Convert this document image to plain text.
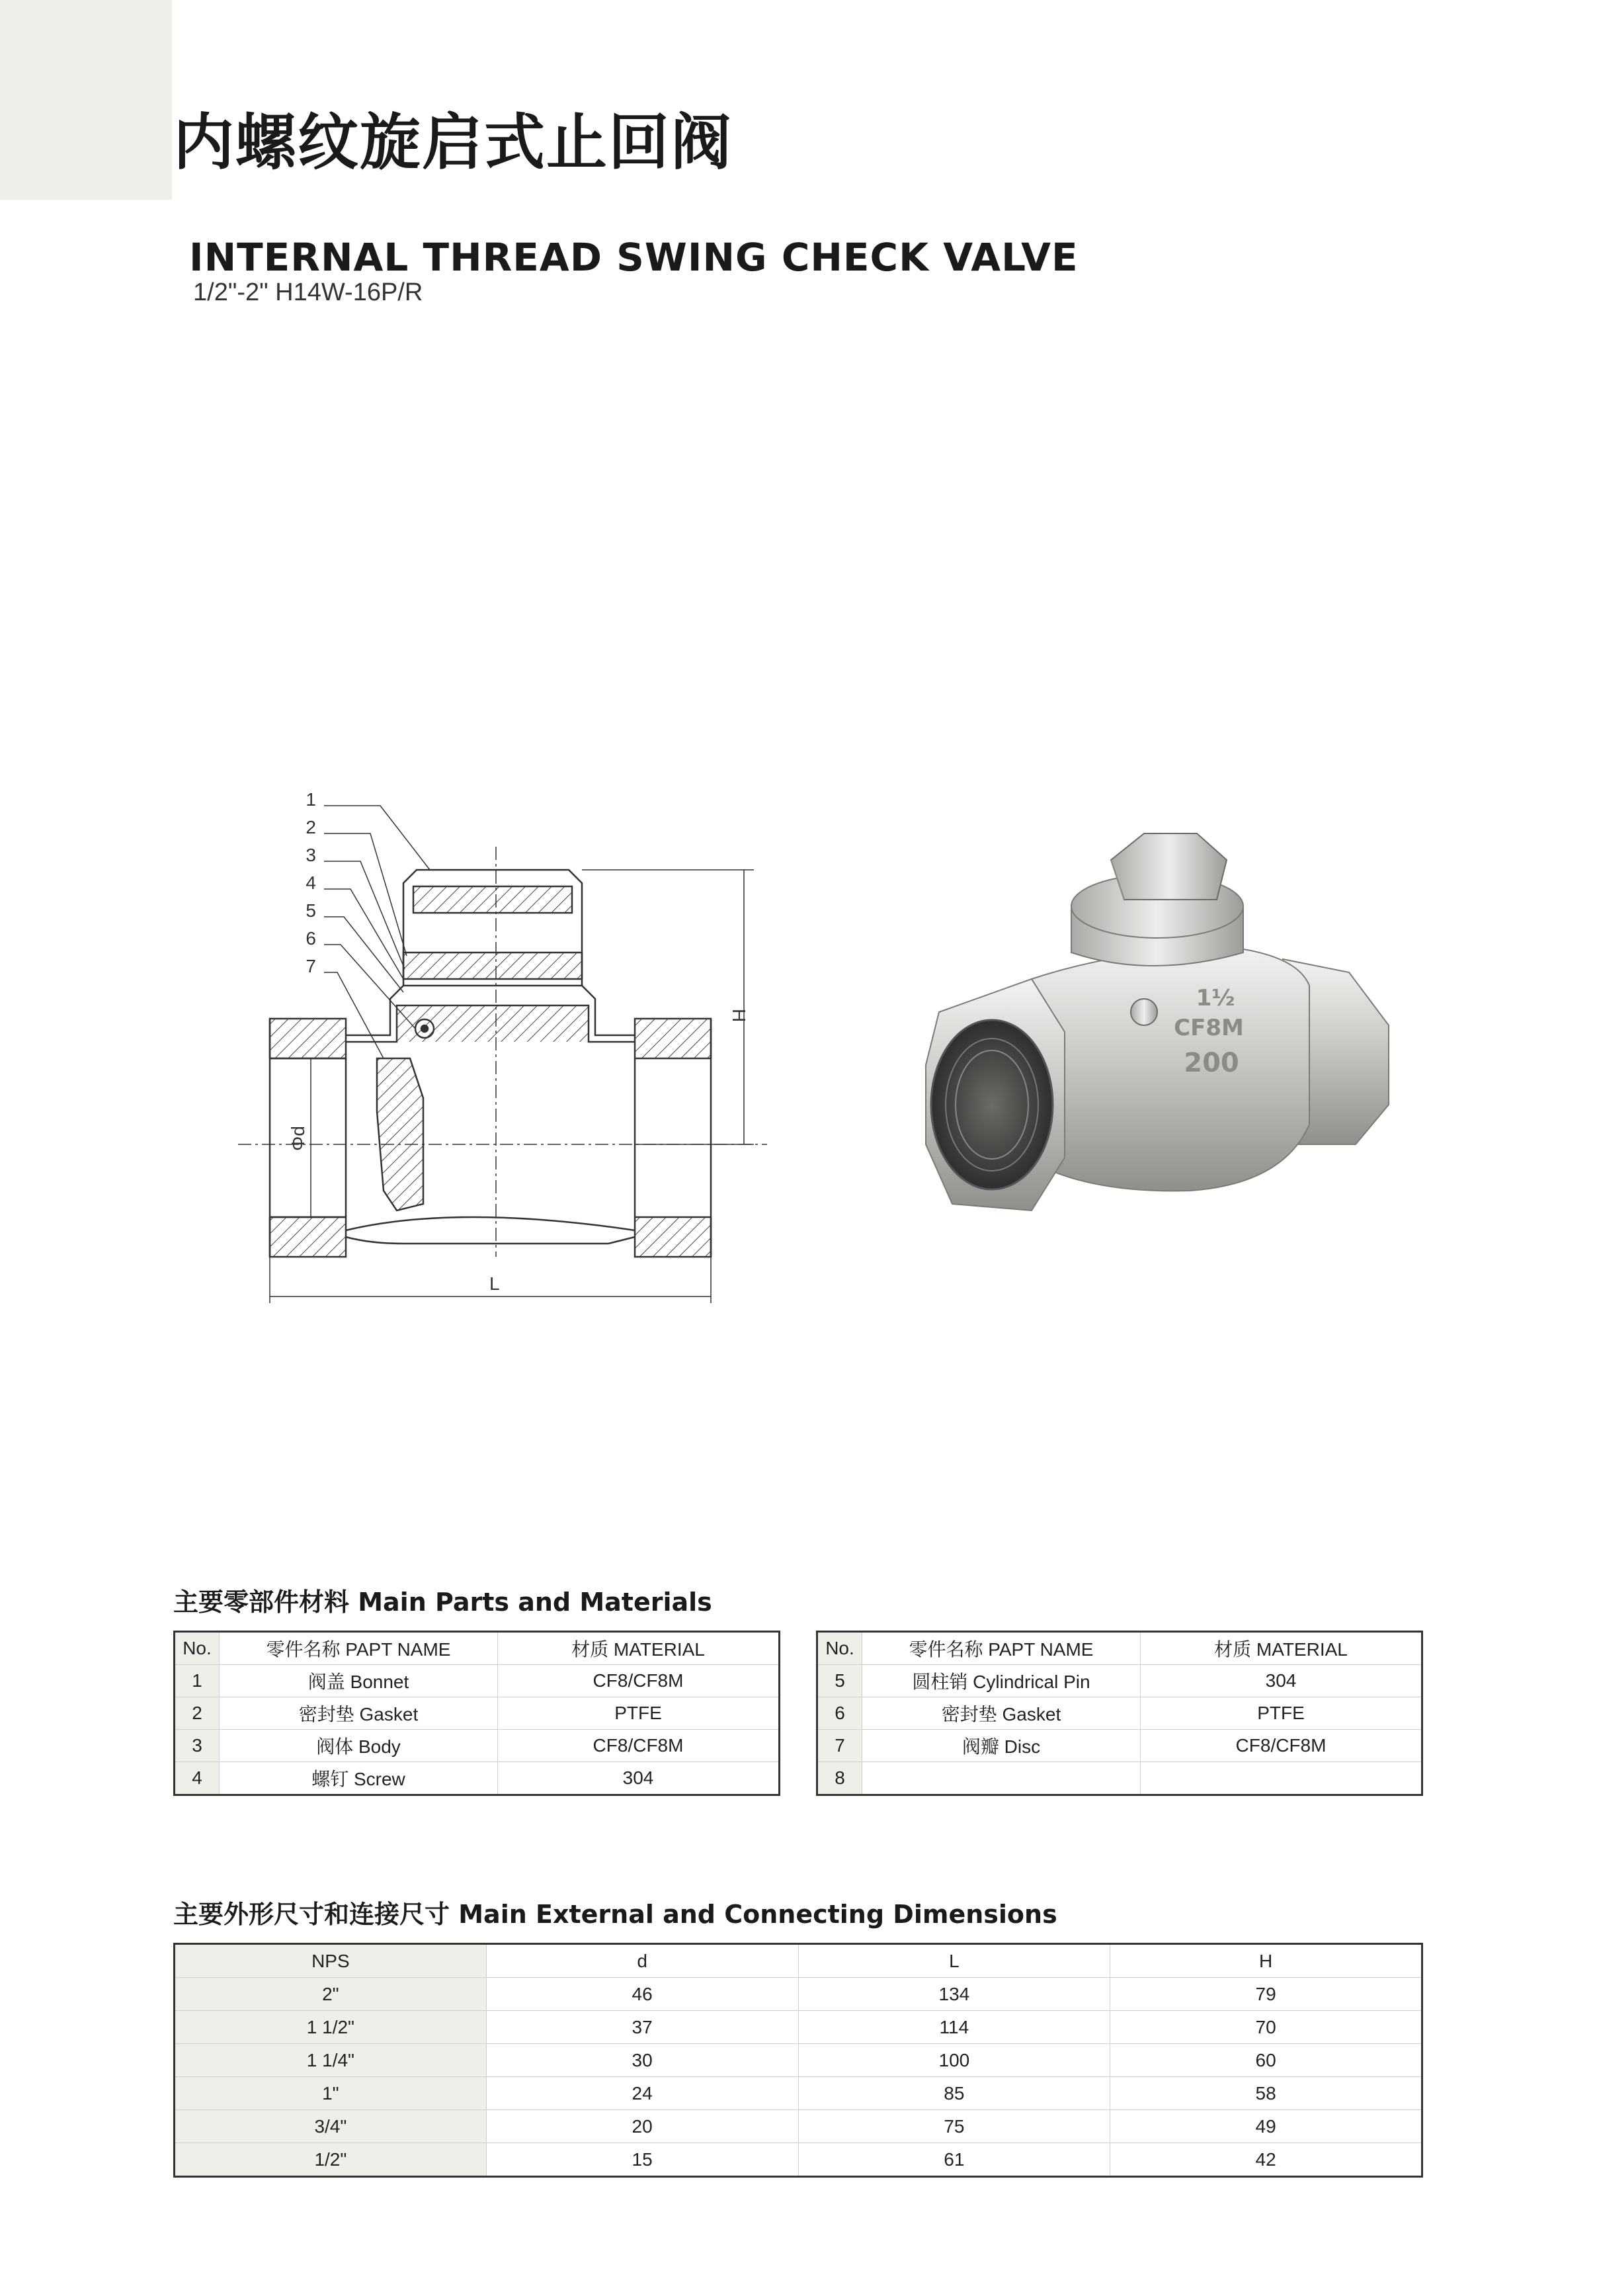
内螺纹旋启式止回阀
INTERNAL THREAD SWING CHECK VALVE
1/2"-2" H14W-16P/R
1
2
3
4
5
6
7
H
Φd
L
1½
CF8M
200
主要零部件材料 Main Parts and Materials
No.	零件名称 PAPT NAME	材质 MATERIAL
1	阀盖 Bonnet	CF8/CF8M
2	密封垫 Gasket	PTFE
3	阀体 Body	CF8/CF8M
4	螺钉 Screw	304
No.	零件名称 PAPT NAME	材质 MATERIAL
5	圆柱销 Cylindrical Pin	304
6	密封垫 Gasket	PTFE
7	阀瓣 Disc	CF8/CF8M
8		
主要外形尺寸和连接尺寸 Main External and Connecting Dimensions
NPS	d	L	H
2"	46	134	79
1 1/2"	37	114	70
1 1/4"	30	100	60
1"	24	85	58
3/4"	20	75	49
1/2"	15	61	42
